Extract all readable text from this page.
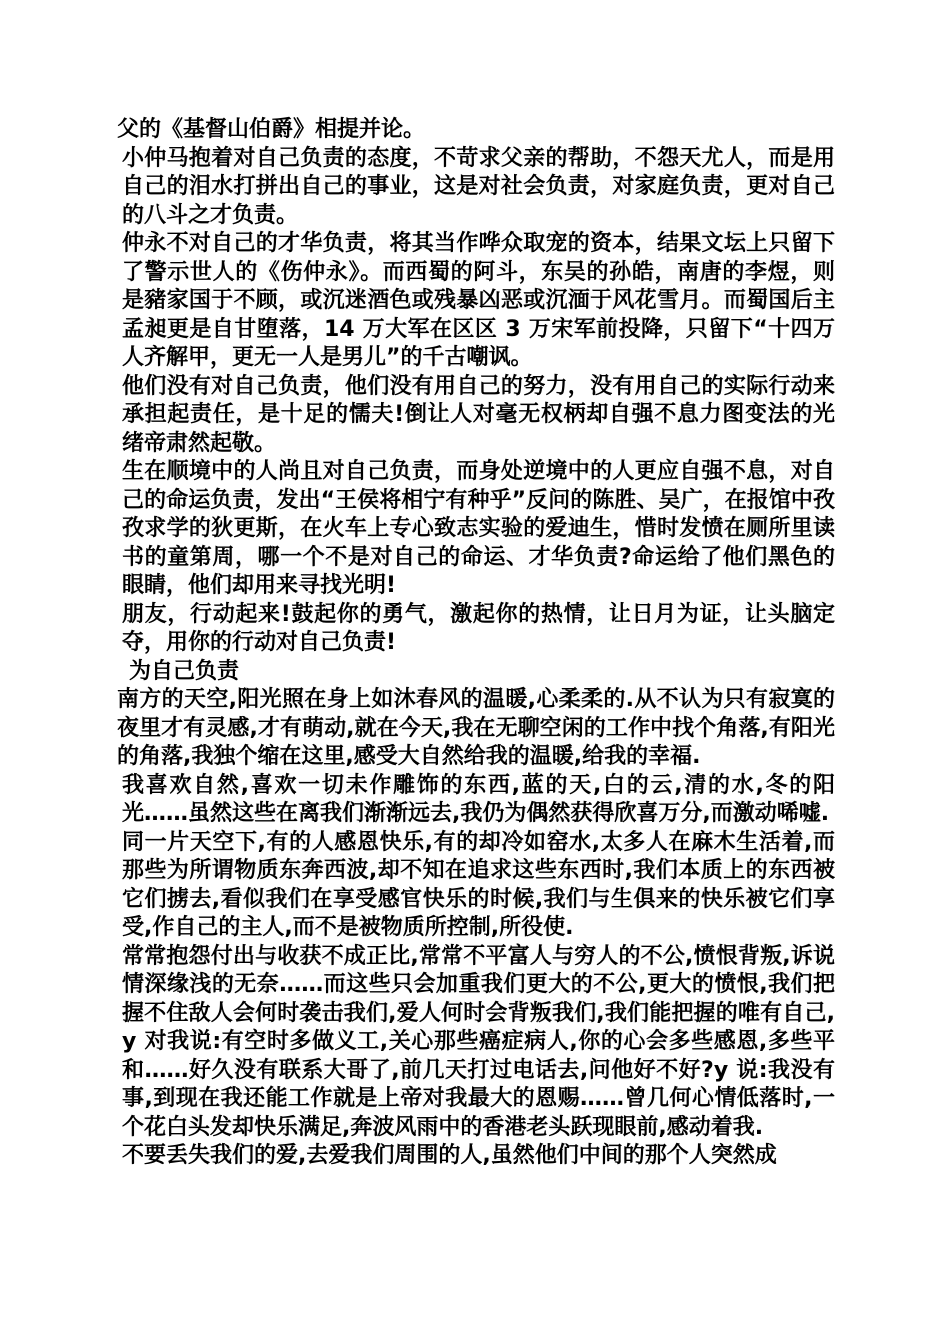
父的《基督山伯爵》相提并论。

小仲马抱着对自己负责的态度，不苛求父亲的帮助，不怨天尤人，而是用自己的泪水打拼出自己的事业，这是对社会负责，对家庭负责，更对自己的八斗之才负责。

仲永不对自己的才华负责，将其当作哗众取宠的资本，结果文坛上只留下了警示世人的《伤仲永》。而西蜀的阿斗，东吴的孙皓，南唐的李煜，则是豬家国于不顾，或沉迷酒色或残暴凶恶或沉湎于风花雪月。而蜀国后主孟昶更是自甘堕落，14 万大军在区区 3 万宋军前投降，只留下“十四万人齐解甲，更无一人是男儿”的千古嘲讽。

他们没有对自己负责，他们没有用自己的努力，没有用自己的实际行动来承担起责任，是十足的懦夫!倒让人对毫无权柄却自强不息力图变法的光绪帝肃然起敬。

生在顺境中的人尚且对自己负责，而身处逆境中的人更应自强不息，对自己的命运负责，发出“王侯将相宁有种乎”反问的陈胜、吴广，在报馆中孜孜求学的狄更斯，在火车上专心致志实验的爱迪生，惜时发愤在厕所里读书的童第周，哪一个不是对自己的命运、才华负责?命运给了他们黑色的眼睛，他们却用来寻找光明!

朋友，行动起来!鼓起你的勇气，激起你的热情，让日月为证，让头脑定夺，用你的行动对自己负责!

为自己负责

南方的天空,阳光照在身上如沐春风的温暖,心柔柔的.从不认为只有寂寞的夜里才有灵感,才有萌动,就在今天,我在无聊空闲的工作中找个角落,有阳光的角落,我独个缩在这里,感受大自然给我的温暖,给我的幸福.

我喜欢自然,喜欢一切未作雕饰的东西,蓝的天,白的云,清的水,冬的阳光……虽然这些在离我们渐渐远去,我仍为偶然获得欣喜万分,而激动唏嘘.

同一片天空下,有的人感恩快乐,有的却冷如窑水,太多人在麻木生活着,而那些为所谓物质东奔西波,却不知在追求这些东西时,我们本质上的东西被它们掳去,看似我们在享受感官快乐的时候,我们与生俱来的快乐被它们享受,作自己的主人,而不是被物质所控制,所役使.

常常抱怨付出与收获不成正比,常常不平富人与穷人的不公,愤恨背叛,诉说情深缘浅的无奈……而这些只会加重我们更大的不公,更大的愤恨,我们把握不住敌人会何时袭击我们,爱人何时会背叛我们,我们能把握的唯有自己,y 对我说:有空时多做义工,关心那些癌症病人,你的心会多些感恩,多些平和……好久没有联系大哥了,前几天打过电话去,问他好不好?y 说:我没有事,到现在我还能工作就是上帝对我最大的恩赐……曾几何心情低落时,一个花白头发却快乐满足,奔波风雨中的香港老头跃现眼前,感动着我.

不要丢失我们的爱,去爱我们周围的人,虽然他们中间的那个人突然成
